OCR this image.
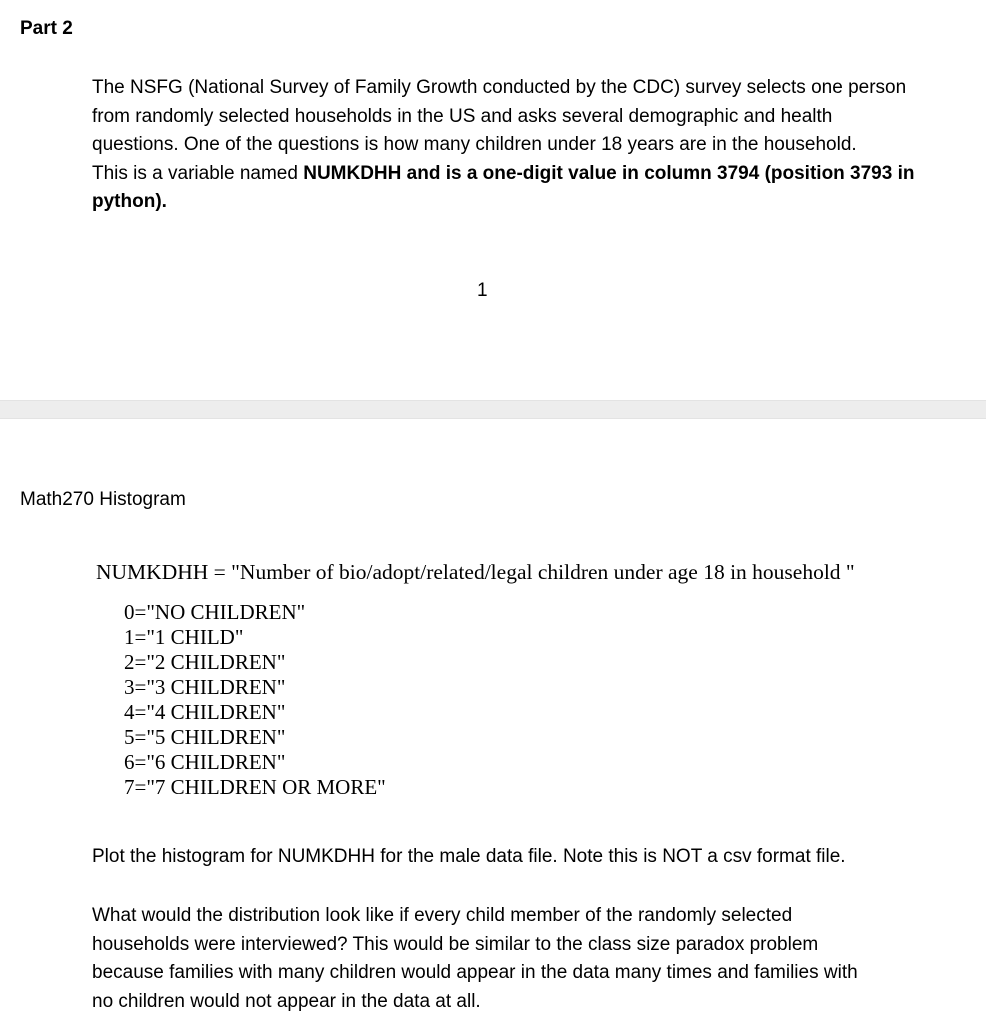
Part 2
The NSFG (National Survey of Family Growth conducted by the CDC) survey selects one person
from randomly selected households in the US and asks several demographic and health
questions. One of the questions is how many children under 18 years are in the household.
This is a variable named NUMKDHH and is a one-digit value in column 3794 (position 3793 in
python).
1
Math270 Histogram
NUMKDHH = "Number of bio/adopt/related/legal children under age 18 in household "
0="NO CHILDREN"
1="1 CHILD"
2="2 CHILDREN"
3="3 CHILDREN"
4="4 CHILDREN"
5="5 CHILDREN"
6="6 CHILDREN"
7="7 CHILDREN OR MORE"
Plot the histogram for NUMKDHH for the male data file. Note this is NOT a csv format file.
What would the distribution look like if every child member of the randomly selected
households were interviewed? This would be similar to the class size paradox problem
because families with many children would appear in the data many times and families with
no children would not appear in the data at all.
